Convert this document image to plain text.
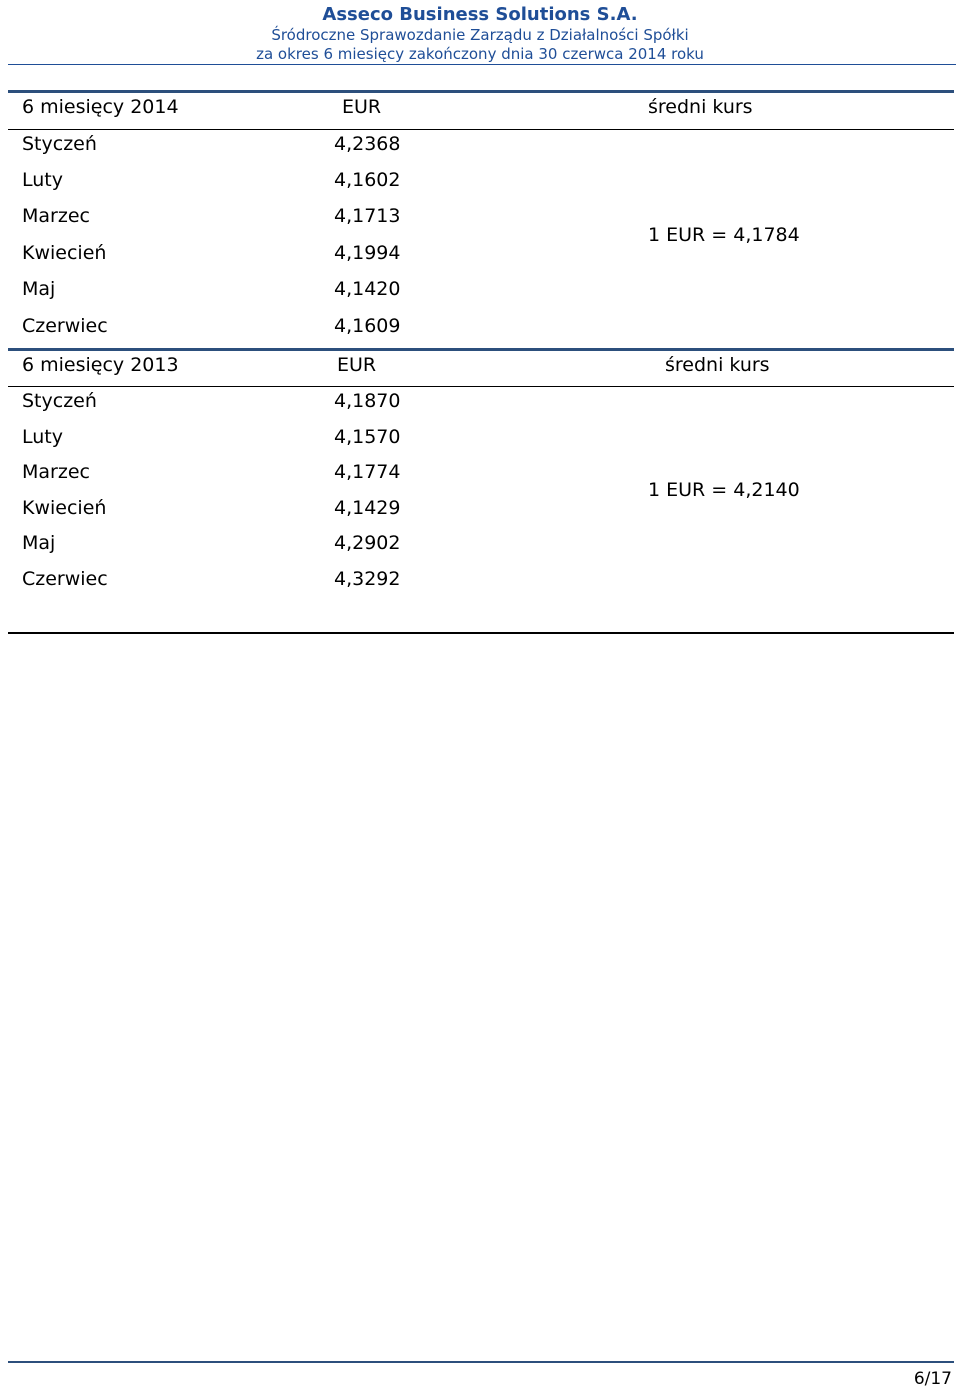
Asseco Business Solutions S.A.
Śródroczne Sprawozdanie Zarządu z Działalności Spółki
za okres 6 miesięcy zakończony dnia 30 czerwca 2014 roku
6 miesięcy 2014	EUR	średni kurs
Styczeń	4,2368
Luty	4,1602
Marzec	4,1713
Kwiecień	4,1994
Maj	4,1420
Czerwiec	4,1609
1 EUR = 4,1784
6 miesięcy 2013	EUR	średni kurs
Styczeń	4,1870
Luty	4,1570
Marzec	4,1774
Kwiecień	4,1429
Maj	4,2902
Czerwiec	4,3292
1 EUR = 4,2140
6/17
